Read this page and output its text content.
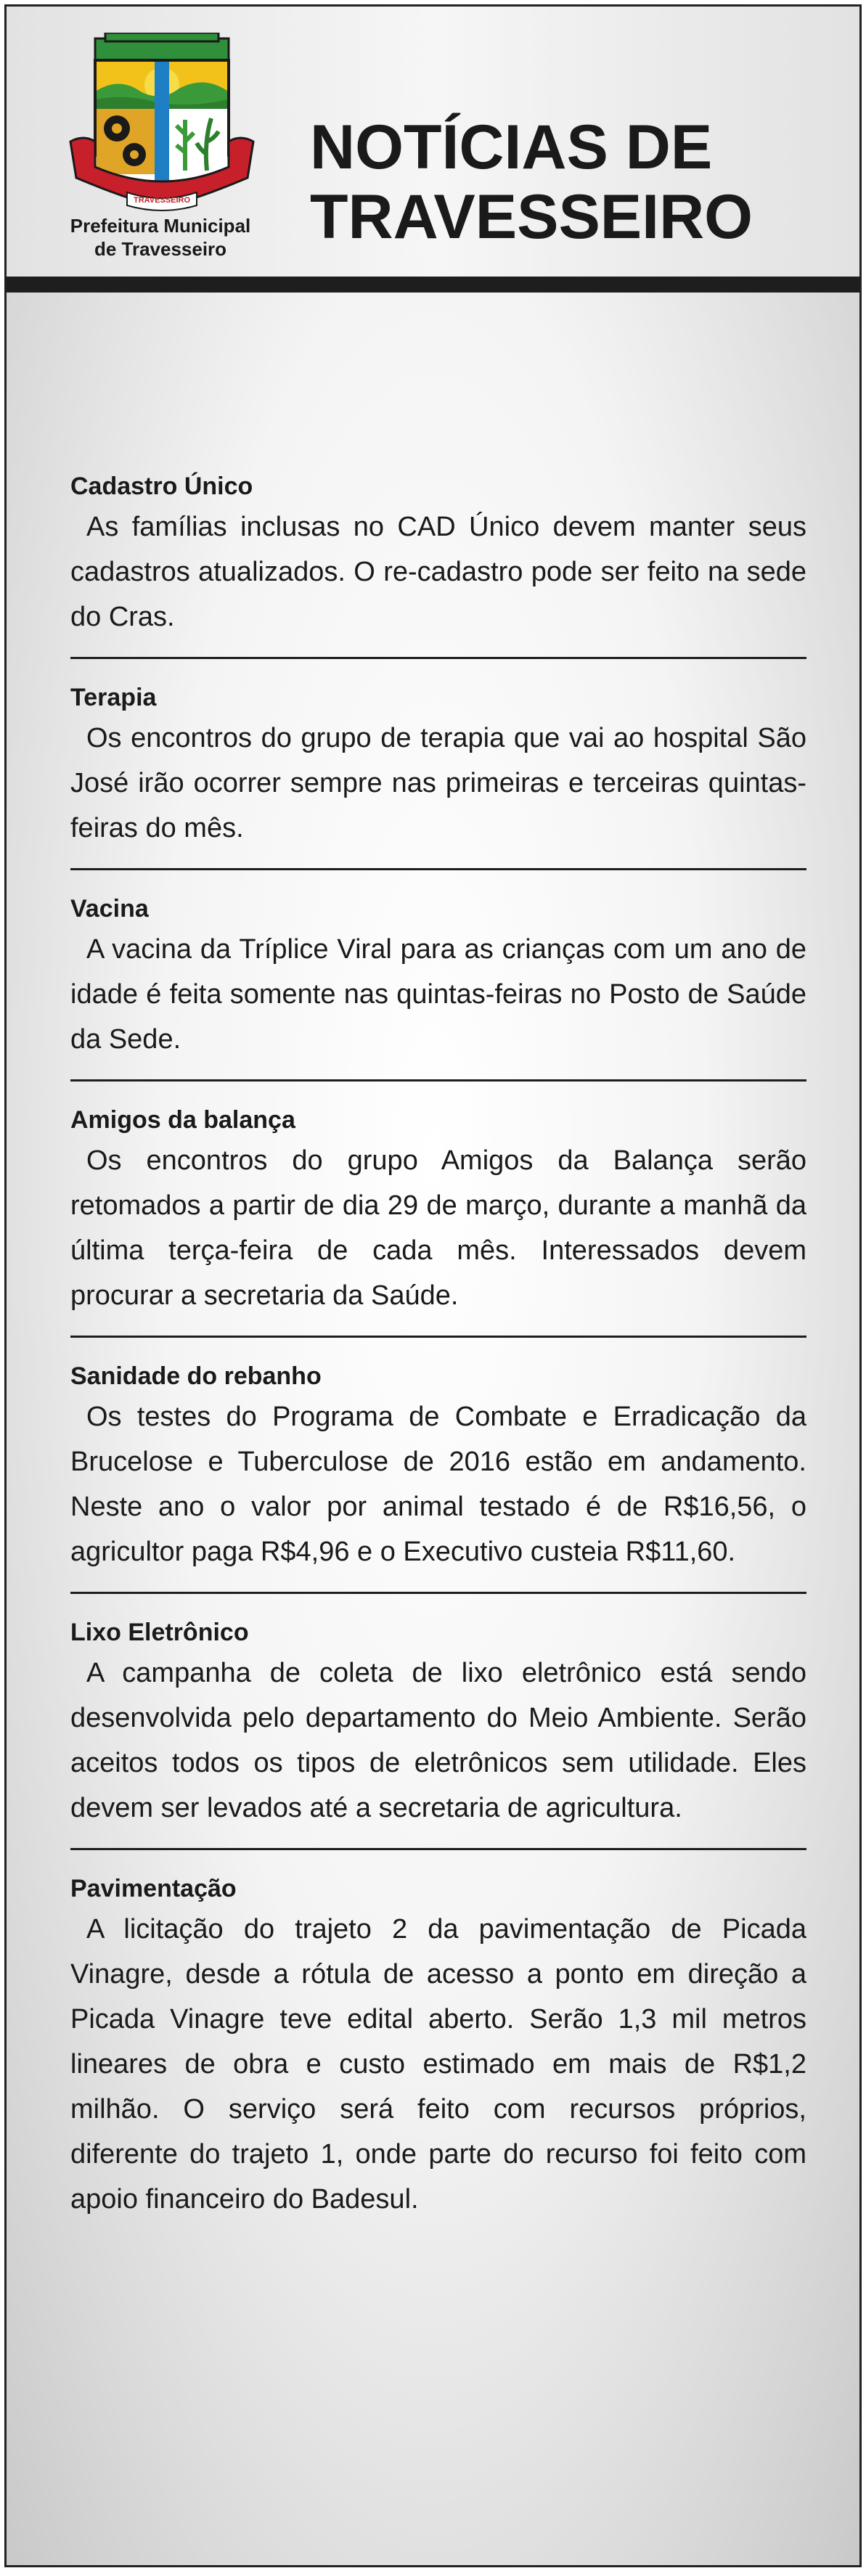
TRAVESSEIRO
Prefeitura Municipal
de Travesseiro
NOTÍCIAS DE
TRAVESSEIRO
Cadastro Único

As famílias inclusas no CAD Único devem manter seus cadastros atualizados. O re-cadastro pode ser feito na sede do Cras.

Terapia

Os encontros do grupo de terapia que vai ao hospital São José irão ocorrer sempre nas primeiras e terceiras quintas-feiras do mês.

Vacina

A vacina da Tríplice Viral para as crianças com um ano de idade é feita somente nas quintas-feiras no Posto de Saúde da Sede.

Amigos da balança

Os encontros do grupo Amigos da Balança serão retomados a partir de dia 29 de março, durante a manhã da última terça-feira de cada mês. Interessados devem procurar a secretaria da Saúde.

Sanidade do rebanho

Os testes do Programa de Combate e Erradicação da Brucelose e Tuberculose de 2016 estão em andamento. Neste ano o valor por animal testado é de R$16,56, o agricultor paga R$4,96 e o Executivo custeia R$11,60.

Lixo Eletrônico

A campanha de coleta de lixo eletrônico está sendo desenvolvida pelo departamento do Meio Ambiente. Serão aceitos todos os tipos de eletrônicos sem utilidade. Eles devem ser levados até a secretaria de agricultura.

Pavimentação

A licitação do trajeto 2 da pavimentação de Picada Vinagre, desde a rótula de acesso a ponto em direção a Picada Vinagre teve edital aberto. Serão 1,3 mil metros lineares de obra e custo estimado em mais de R$1,2 milhão. O serviço será feito com recursos próprios, diferente do trajeto 1, onde parte do recurso foi feito com apoio financeiro do Badesul.
